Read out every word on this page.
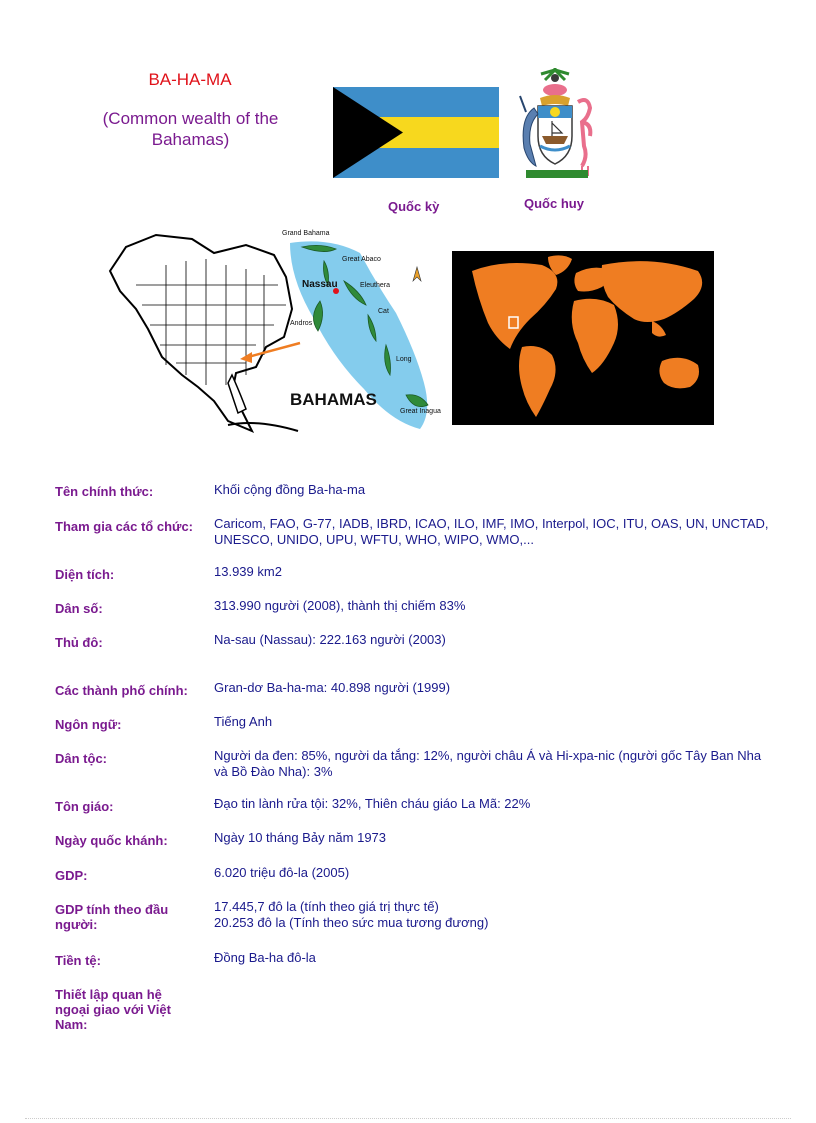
BA-HA-MA
(Common wealth of the Bahamas)
Quốc kỳ	Quốc huy
Grand Bahama
Great Abaco
Nassau	Eleuthera
Andros
Cat
Long
Great Inagua
BAHAMAS
Tên chính thức:	Khối cộng đồng Ba-ha-ma
Tham gia các tổ chức:	Caricom, FAO, G-77, IADB, IBRD, ICAO, ILO, IMF, IMO, Interpol, IOC, ITU, OAS, UN, UNCTAD, UNESCO, UNIDO, UPU, WFTU, WHO, WIPO, WMO,...
Diện tích:	13.939 km2
Dân số:	313.990 người (2008), thành thị chiếm 83%
Thủ đô:	Na-sau (Nassau): 222.163 người (2003)
Các thành phố chính:	Gran-dơ Ba-ha-ma: 40.898 người (1999)
Ngôn ngữ:	Tiếng Anh
Dân tộc:	Người da đen: 85%, người da tắng: 12%, người châu Á và Hi-xpa-nic (người gốc Tây Ban Nha và Bồ Đào Nha): 3%
Tôn giáo:	Đạo tin lành rửa tội: 32%, Thiên cháu giáo La Mã: 22%
Ngày quốc khánh:	Ngày 10 tháng Bảy năm 1973
GDP:	6.020 triệu đô-la (2005)
GDP tính theo đầu người:
17.445,7 đô la (tính theo giá trị thực tế)
20.253 đô la (Tính theo sức mua tương đương)
Tiền tệ:	Đồng Ba-ha đô-la
Thiết lập quan hệ ngoại giao với Việt Nam:
